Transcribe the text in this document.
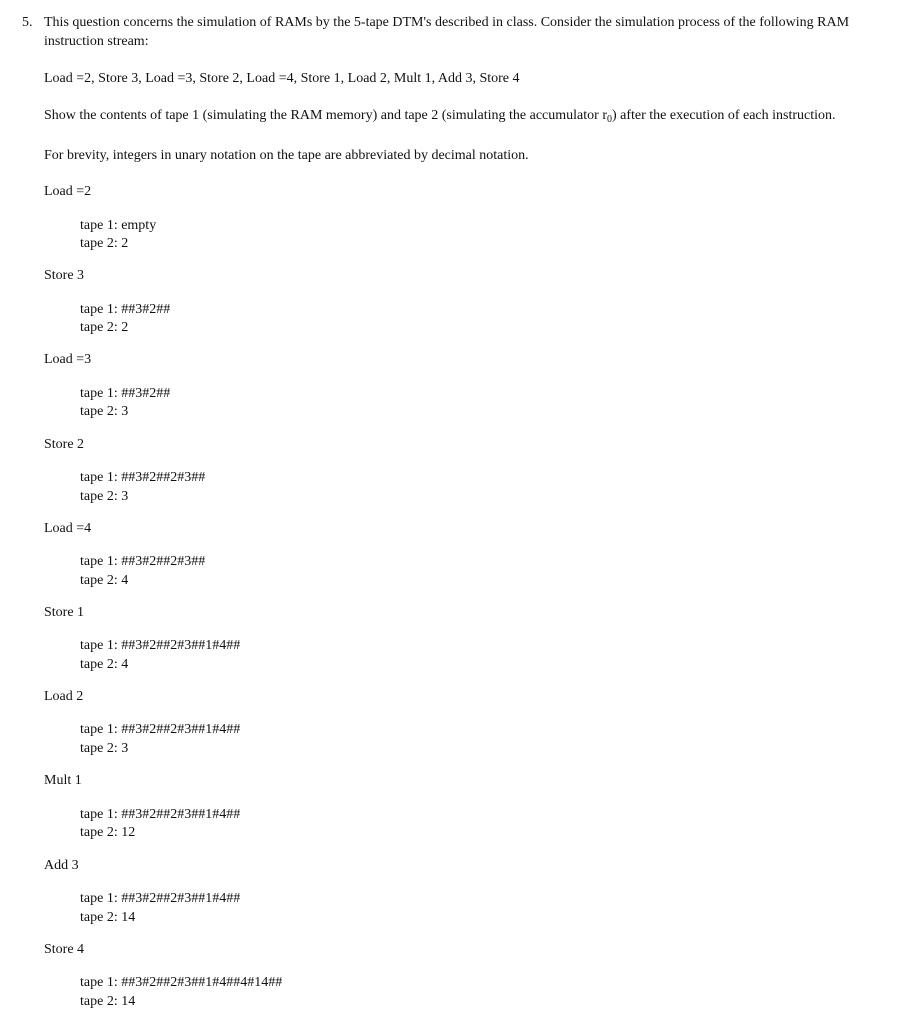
5. This question concerns the simulation of RAMs by the 5-tape DTM's described in class. Consider the simulation process of the following RAM instruction stream:
Load =2, Store 3, Load =3, Store 2, Load =4, Store 1, Load 2, Mult 1, Add 3, Store 4
Show the contents of tape 1 (simulating the RAM memory) and tape 2 (simulating the accumulator $r_0$) after the execution of each instruction.
For brevity, integers in unary notation on the tape are abbreviated by decimal notation.
Load =2
tape 1: empty
tape 2: 2
Store 3
tape 1: ##3#2##
tape 2: 2
Load =3
tape 1: ##3#2##
tape 2: 3
Store 2
tape 1: ##3#2##2#3##
tape 2: 3
Load =4
tape 1: ##3#2##2#3##
tape 2: 4
Store 1
tape 1: ##3#2##2#3##1#4##
tape 2: 4
Load 2
tape 1: ##3#2##2#3##1#4##
tape 2: 3
Mult 1
tape 1: ##3#2##2#3##1#4##
tape 2: 12
Add 3
tape 1: ##3#2##2#3##1#4##
tape 2: 14
Store 4
tape 1: ##3#2##2#3##1#4##4#14##
tape 2: 14
